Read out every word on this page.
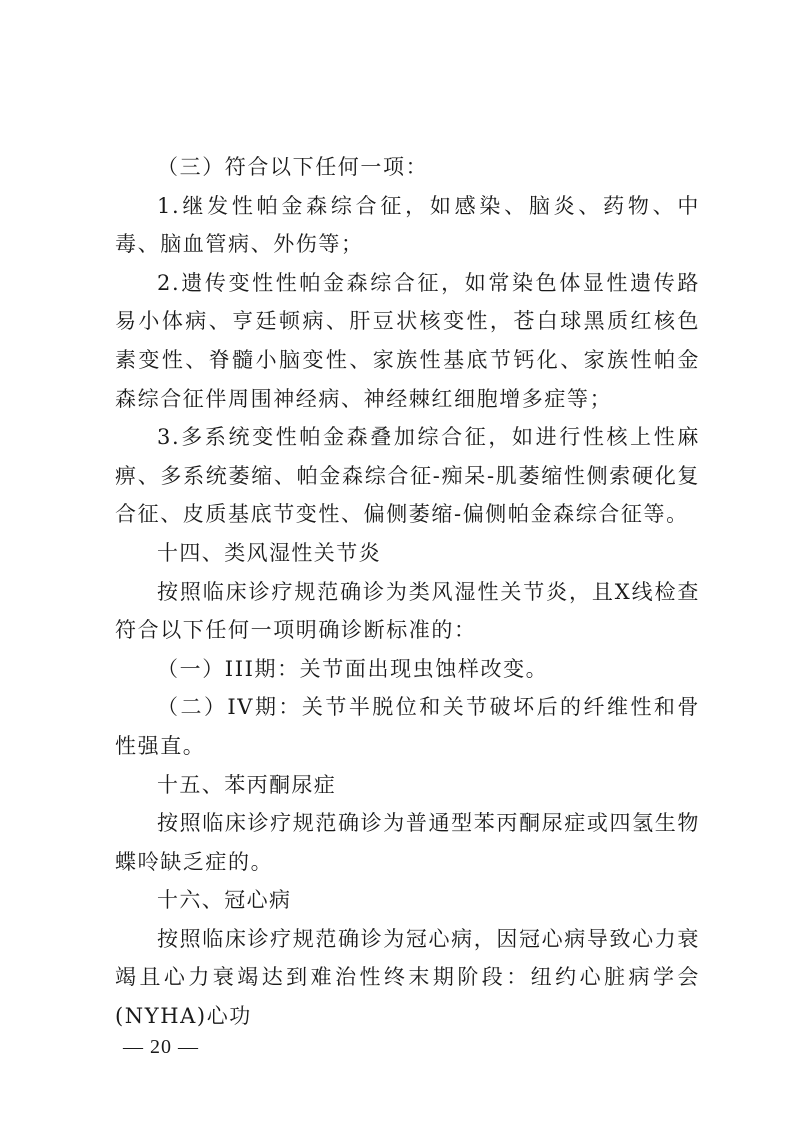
（三）符合以下任何一项：

1.继发性帕金森综合征，如感染、脑炎、药物、中毒、脑血管病、外伤等；

2.遗传变性性帕金森综合征，如常染色体显性遗传路易小体病、亨廷顿病、肝豆状核变性，苍白球黑质红核色素变性、脊髓小脑变性、家族性基底节钙化、家族性帕金森综合征伴周围神经病、神经棘红细胞增多症等；

3.多系统变性帕金森叠加综合征，如进行性核上性麻痹、多系统萎缩、帕金森综合征-痴呆-肌萎缩性侧索硬化复合征、皮质基底节变性、偏侧萎缩-偏侧帕金森综合征等。

十四、类风湿性关节炎

按照临床诊疗规范确诊为类风湿性关节炎，且X线检查符合以下任何一项明确诊断标准的：

（一）III期：关节面出现虫蚀样改变。

（二）IV期：关节半脱位和关节破坏后的纤维性和骨性强直。

十五、苯丙酮尿症

按照临床诊疗规范确诊为普通型苯丙酮尿症或四氢生物蝶呤缺乏症的。

十六、冠心病

按照临床诊疗规范确诊为冠心病，因冠心病导致心力衰竭且心力衰竭达到难治性终末期阶段：纽约心脏病学会(NYHA)心功

— 20 —
